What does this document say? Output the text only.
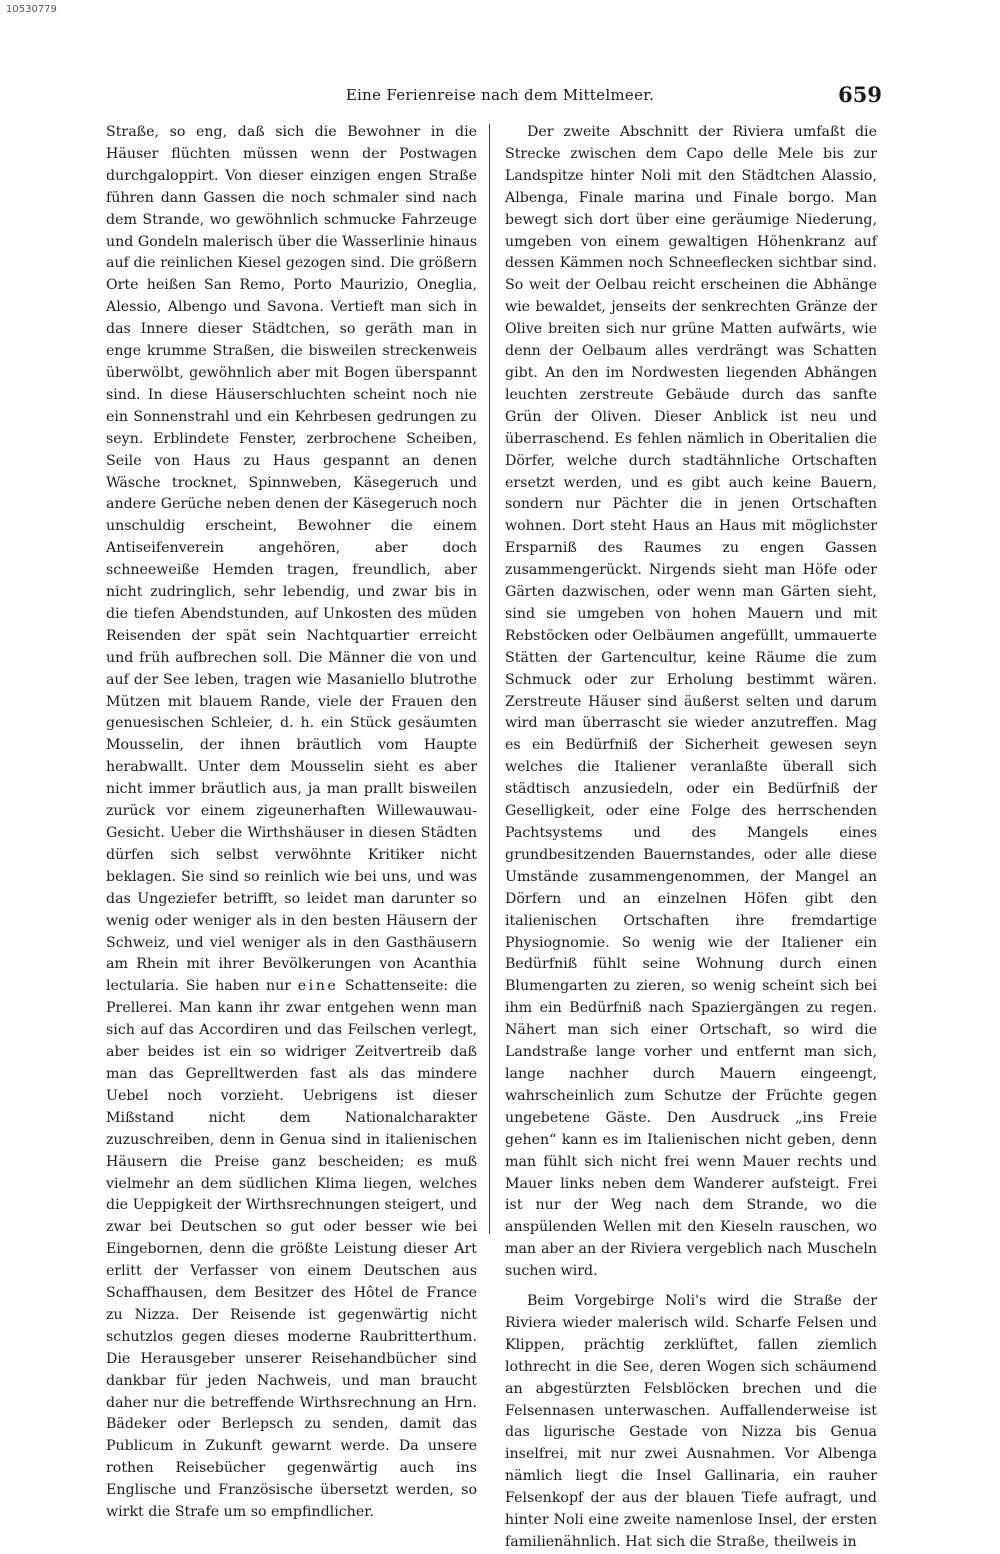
10530779
Eine Ferienreise nach dem Mittelmeer.	659

Straße, so eng, daß sich die Bewohner in die Häuser flüchten müssen wenn der Postwagen durchgaloppirt. Von dieser einzigen engen Straße führen dann Gassen die noch schmaler sind nach dem Strande, wo gewöhnlich schmucke Fahrzeuge und Gondeln malerisch über die Wasserlinie hinaus auf die reinlichen Kiesel gezogen sind. Die größern Orte heißen San Remo, Porto Maurizio, Oneglia, Alessio, Albengo und Savona. Vertieft man sich in das Innere dieser Städtchen, so geräth man in enge krumme Straßen, die bisweilen streckenweis überwölbt, gewöhnlich aber mit Bogen überspannt sind. In diese Häuserschluchten scheint noch nie ein Sonnenstrahl und ein Kehrbesen gedrungen zu seyn. Erblindete Fenster, zerbrochene Scheiben, Seile von Haus zu Haus gespannt an denen Wäsche trocknet, Spinnweben, Käsegeruch und andere Gerüche neben denen der Käsegeruch noch unschuldig erscheint, Bewohner die einem Antiseifenverein angehören, aber doch schneeweiße Hemden tragen, freundlich, aber nicht zudringlich, sehr lebendig, und zwar bis in die tiefen Abendstunden, auf Unkosten des müden Reisenden der spät sein Nachtquartier erreicht und früh aufbrechen soll. Die Männer die von und auf der See leben, tragen wie Masaniello blutrothe Mützen mit blauem Rande, viele der Frauen den genuesischen Schleier, d. h. ein Stück gesäumten Mousselin, der ihnen bräutlich vom Haupte herabwallt. Unter dem Mousselin sieht es aber nicht immer bräutlich aus, ja man prallt bisweilen zurück vor einem zigeunerhaften Willewauwau-Gesicht. Ueber die Wirthshäuser in diesen Städten dürfen sich selbst verwöhnte Kritiker nicht beklagen. Sie sind so reinlich wie bei uns, und was das Ungeziefer betrifft, so leidet man darunter so wenig oder weniger als in den besten Häusern der Schweiz, und viel weniger als in den Gasthäusern am Rhein mit ihrer Bevölkerungen von Acanthia lectularia. Sie haben nur eine Schattenseite: die Prellerei. Man kann ihr zwar entgehen wenn man sich auf das Accordiren und das Feilschen verlegt, aber beides ist ein so widriger Zeitvertreib daß man das Geprelltwerden fast als das mindere Uebel noch vorzieht. Uebrigens ist dieser Mißstand nicht dem Nationalcharakter zuzuschreiben, denn in Genua sind in italienischen Häusern die Preise ganz bescheiden; es muß vielmehr an dem südlichen Klima liegen, welches die Ueppigkeit der Wirthsrechnungen steigert, und zwar bei Deutschen so gut oder besser wie bei Eingebornen, denn die größte Leistung dieser Art erlitt der Verfasser von einem Deutschen aus Schaffhausen, dem Besitzer des Hôtel de France zu Nizza. Der Reisende ist gegenwärtig nicht schutzlos gegen dieses moderne Raubritterthum. Die Herausgeber unserer Reisehandbücher sind dankbar für jeden Nachweis, und man braucht daher nur die betreffende Wirthsrechnung an Hrn. Bädeker oder Berlepsch zu senden, damit das Publicum in Zukunft gewarnt werde. Da unsere rothen Reisebücher gegenwärtig auch ins Englische und Französische übersetzt werden, so wirkt die Strafe um so empfindlicher.

Der zweite Abschnitt der Riviera umfaßt die Strecke zwischen dem Capo delle Mele bis zur Landspitze hinter Noli mit den Städtchen Alassio, Albenga, Finale marina und Finale borgo. Man bewegt sich dort über eine geräumige Niederung, umgeben von einem gewaltigen Höhenkranz auf dessen Kämmen noch Schneeflecken sichtbar sind. So weit der Oelbau reicht erscheinen die Abhänge wie bewaldet, jenseits der senkrechten Gränze der Olive breiten sich nur grüne Matten aufwärts, wie denn der Oelbaum alles verdrängt was Schatten gibt. An den im Nordwesten liegenden Abhängen leuchten zerstreute Gebäude durch das sanfte Grün der Oliven. Dieser Anblick ist neu und überraschend. Es fehlen nämlich in Oberitalien die Dörfer, welche durch stadtähnliche Ortschaften ersetzt werden, und es gibt auch keine Bauern, sondern nur Pächter die in jenen Ortschaften wohnen. Dort steht Haus an Haus mit möglichster Ersparniß des Raumes zu engen Gassen zusammengerückt. Nirgends sieht man Höfe oder Gärten dazwischen, oder wenn man Gärten sieht, sind sie umgeben von hohen Mauern und mit Rebstöcken oder Oelbäumen angefüllt, ummauerte Stätten der Gartencultur, keine Räume die zum Schmuck oder zur Erholung bestimmt wären. Zerstreute Häuser sind äußerst selten und darum wird man überrascht sie wieder anzutreffen. Mag es ein Bedürfniß der Sicherheit gewesen seyn welches die Italiener veranlaßte überall sich städtisch anzusiedeln, oder ein Bedürfniß der Geselligkeit, oder eine Folge des herrschenden Pachtsystems und des Mangels eines grundbesitzenden Bauernstandes, oder alle diese Umstände zusammengenommen, der Mangel an Dörfern und an einzelnen Höfen gibt den italienischen Ortschaften ihre fremdartige Physiognomie. So wenig wie der Italiener ein Bedürfniß fühlt seine Wohnung durch einen Blumengarten zu zieren, so wenig scheint sich bei ihm ein Bedürfniß nach Spaziergängen zu regen. Nähert man sich einer Ortschaft, so wird die Landstraße lange vorher und entfernt man sich, lange nachher durch Mauern eingeengt, wahrscheinlich zum Schutze der Früchte gegen ungebetene Gäste. Den Ausdruck „ins Freie gehen“ kann es im Italienischen nicht geben, denn man fühlt sich nicht frei wenn Mauer rechts und Mauer links neben dem Wanderer aufsteigt. Frei ist nur der Weg nach dem Strande, wo die anspülenden Wellen mit den Kieseln rauschen, wo man aber an der Riviera vergeblich nach Muscheln suchen wird.

Beim Vorgebirge Noli's wird die Straße der Riviera wieder malerisch wild. Scharfe Felsen und Klippen, prächtig zerklüftet, fallen ziemlich lothrecht in die See, deren Wogen sich schäumend an abgestürzten Felsblöcken brechen und die Felsennasen unterwaschen. Auffallenderweise ist das ligurische Gestade von Nizza bis Genua inselfrei, mit nur zwei Ausnahmen. Vor Albenga nämlich liegt die Insel Gallinaria, ein rauher Felsenkopf der aus der blauen Tiefe aufragt, und hinter Noli eine zweite namenlose Insel, der ersten familienähnlich. Hat sich die Straße, theilweis in
